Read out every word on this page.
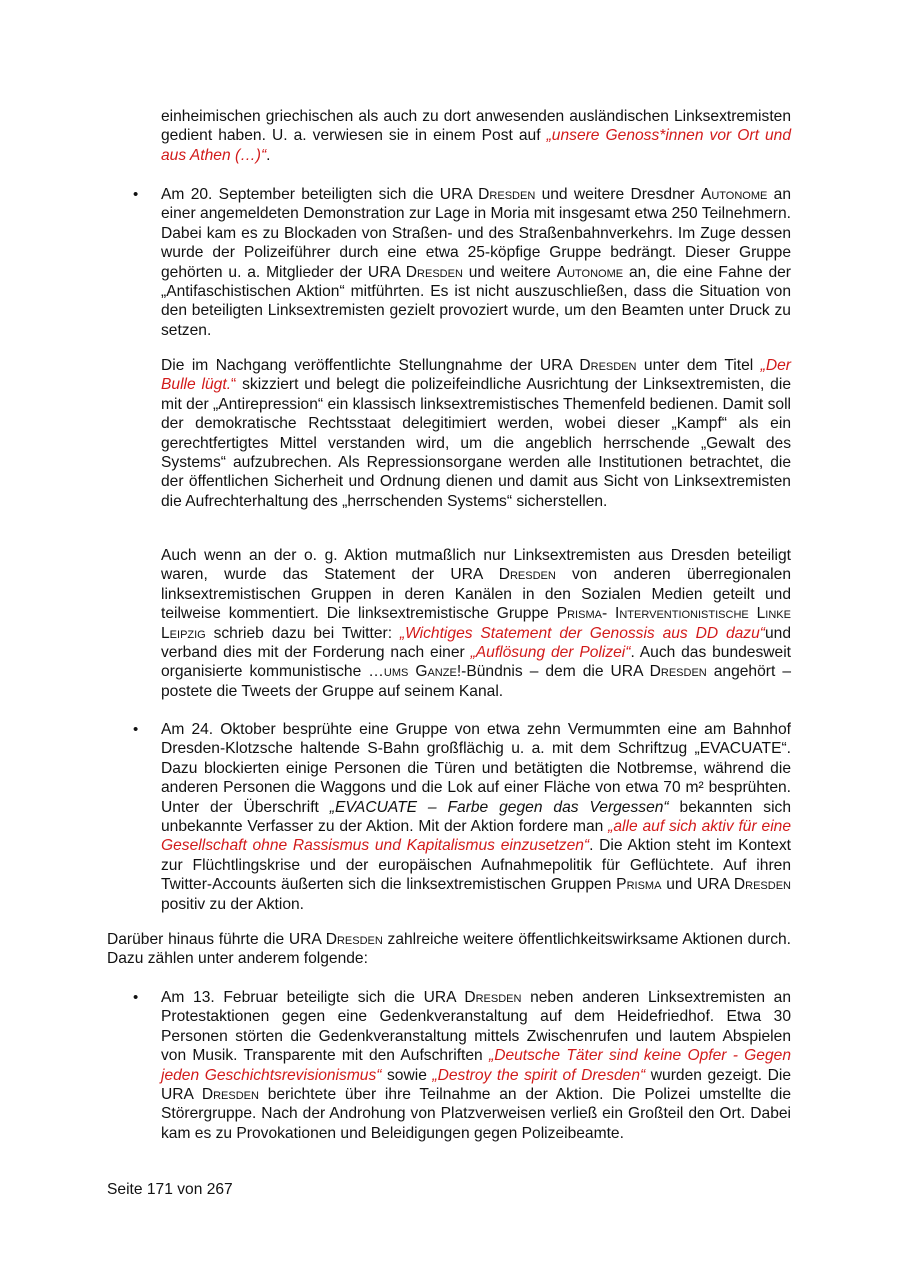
einheimischen griechischen als auch zu dort anwesenden ausländischen Linksextremisten gedient haben. U. a. verwiesen sie in einem Post auf „unsere Genoss*innen vor Ort und aus Athen (…)“.

•	Am 20. September beteiligten sich die URA Dresden und weitere Dresdner Autonome an einer angemeldeten Demonstration zur Lage in Moria mit insgesamt etwa 250 Teilnehmern. Dabei kam es zu Blockaden von Straßen- und des Straßenbahnverkehrs. Im Zuge dessen wurde der Polizeiführer durch eine etwa 25-köpfige Gruppe bedrängt. Dieser Gruppe gehörten u. a. Mitglieder der URA Dresden und weitere Autonome an, die eine Fahne der „Antifaschistischen Aktion“ mitführten. Es ist nicht auszuschließen, dass die Situation von den beteiligten Linksextremisten gezielt provoziert wurde, um den Beamten unter Druck zu setzen.

Die im Nachgang veröffentlichte Stellungnahme der URA Dresden unter dem Titel „Der Bulle lügt.“ skizziert und belegt die polizeifeindliche Ausrichtung der Linksextremisten, die mit der „Antirepression“ ein klassisch linksextremistisches Themenfeld bedienen. Damit soll der demokratische Rechtsstaat delegitimiert werden, wobei dieser „Kampf“ als ein gerechtfertigtes Mittel verstanden wird, um die angeblich herrschende „Gewalt des Systems“ aufzubrechen. Als Repressionsorgane werden alle Institutionen betrachtet, die der öffentlichen Sicherheit und Ordnung dienen und damit aus Sicht von Linksextremisten die Aufrechterhaltung des „herrschenden Systems“ sicherstellen.

Auch wenn an der o. g. Aktion mutmaßlich nur Linksextremisten aus Dresden beteiligt waren, wurde das Statement der URA Dresden von anderen überregionalen linksextremistischen Gruppen in deren Kanälen in den Sozialen Medien geteilt und teilweise kommentiert. Die linksextremistische Gruppe Prisma- Interventionistische Linke Leipzig schrieb dazu bei Twitter: „Wichtiges Statement der Genossis aus DD dazu“und verband dies mit der Forderung nach einer „Auflösung der Polizei“. Auch das bundesweit organisierte kommunistische …ums Ganze!-Bündnis – dem die URA Dresden angehört – postete die Tweets der Gruppe auf seinem Kanal.

•	Am 24. Oktober besprühte eine Gruppe von etwa zehn Vermummten eine am Bahnhof Dresden-Klotzsche haltende S-Bahn großflächig u. a. mit dem Schriftzug „EVACUATE“. Dazu blockierten einige Personen die Türen und betätigten die Notbremse, während die anderen Personen die Waggons und die Lok auf einer Fläche von etwa 70 m² besprühten. Unter der Überschrift „EVACUATE – Farbe gegen das Vergessen“ bekannten sich unbekannte Verfasser zu der Aktion. Mit der Aktion fordere man „alle auf sich aktiv für eine Gesellschaft ohne Rassismus und Kapitalismus einzusetzen“. Die Aktion steht im Kontext zur Flüchtlingskrise und der europäischen Aufnahmepolitik für Geflüchtete. Auf ihren Twitter-Accounts äußerten sich die linksextremistischen Gruppen Prisma und URA Dresden positiv zu der Aktion.

Darüber hinaus führte die URA Dresden zahlreiche weitere öffentlichkeitswirksame Aktionen durch. Dazu zählen unter anderem folgende:

•	Am 13. Februar beteiligte sich die URA Dresden neben anderen Linksextremisten an Protestaktionen gegen eine Gedenkveranstaltung auf dem Heidefriedhof. Etwa 30 Personen störten die Gedenkveranstaltung mittels Zwischenrufen und lautem Abspielen von Musik. Transparente mit den Aufschriften „Deutsche Täter sind keine Opfer - Gegen jeden Geschichtsrevisionismus“ sowie „Destroy the spirit of Dresden“ wurden gezeigt. Die URA Dresden berichtete über ihre Teilnahme an der Aktion. Die Polizei umstellte die Störergruppe. Nach der Androhung von Platzverweisen verließ ein Großteil den Ort. Dabei kam es zu Provokationen und Beleidigungen gegen Polizeibeamte.

Seite 171 von 267
